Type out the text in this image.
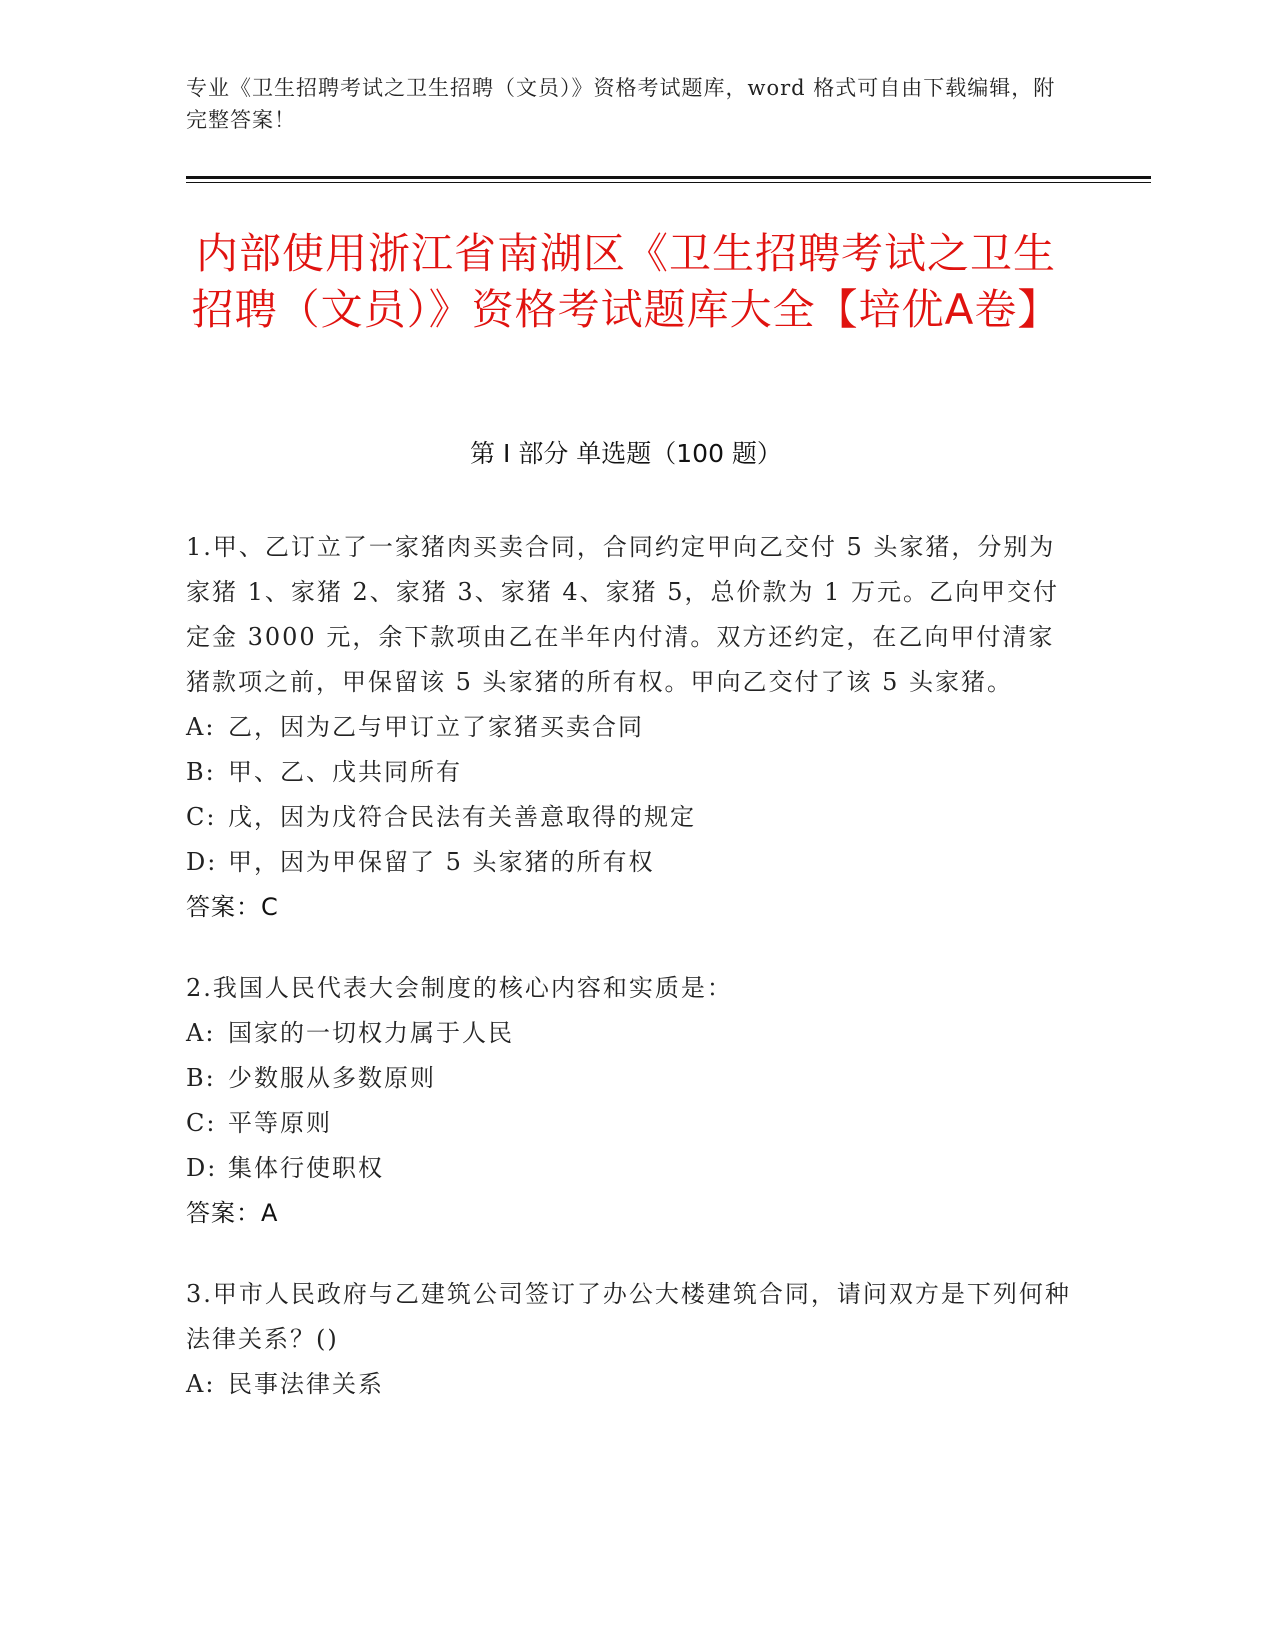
专业《卫生招聘考试之卫生招聘（文员）》资格考试题库，word 格式可自由下载编辑，附完整答案！
内部使用浙江省南湖区《卫生招聘考试之卫生招聘（文员）》资格考试题库大全【培优A卷】
第 I 部分 单选题（100 题）
1.甲、乙订立了一家猪肉买卖合同，合同约定甲向乙交付 5 头家猪，分别为家猪 1、家猪 2、家猪 3、家猪 4、家猪 5，总价款为 1 万元。乙向甲交付定金 3000 元，余下款项由乙在半年内付清。双方还约定，在乙向甲付清家猪款项之前，甲保留该 5 头家猪的所有权。甲向乙交付了该 5 头家猪。
A: 乙，因为乙与甲订立了家猪买卖合同
B: 甲、乙、戊共同所有
C: 戊，因为戊符合民法有关善意取得的规定
D: 甲，因为甲保留了 5 头家猪的所有权
答案：C
2.我国人民代表大会制度的核心内容和实质是：
A: 国家的一切权力属于人民
B: 少数服从多数原则
C: 平等原则
D: 集体行使职权
答案：A
3.甲市人民政府与乙建筑公司签订了办公大楼建筑合同，请问双方是下列何种法律关系？()
A: 民事法律关系
